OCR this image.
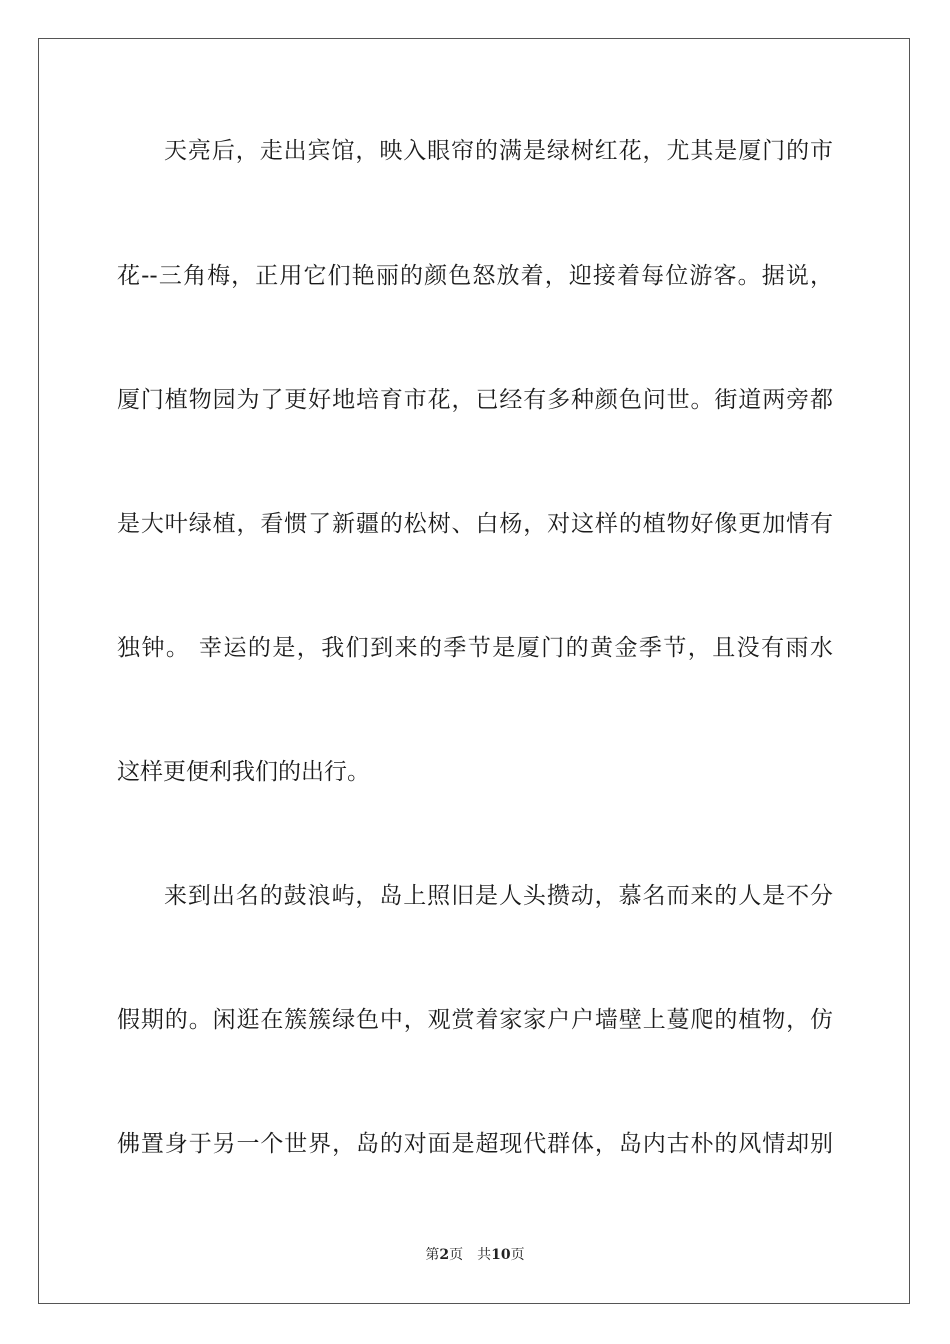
天亮后，走出宾馆，映入眼帘的满是绿树红花，尤其是厦门的市
花--三角梅，正用它们艳丽的颜色怒放着，迎接着每位游客。据说，
厦门植物园为了更好地培育市花，已经有多种颜色问世。街道两旁都
是大叶绿植，看惯了新疆的松树、白杨，对这样的植物好像更加情有
独钟。 幸运的是，我们到来的季节是厦门的黄金季节，且没有雨水
这样更便利我们的出行。
来到出名的鼓浪屿，岛上照旧是人头攒动，慕名而来的人是不分
假期的。闲逛在簇簇绿色中，观赏着家家户户墙壁上蔓爬的植物，仿
佛置身于另一个世界，岛的对面是超现代群体，岛内古朴的风情却别
第2页 共10页
